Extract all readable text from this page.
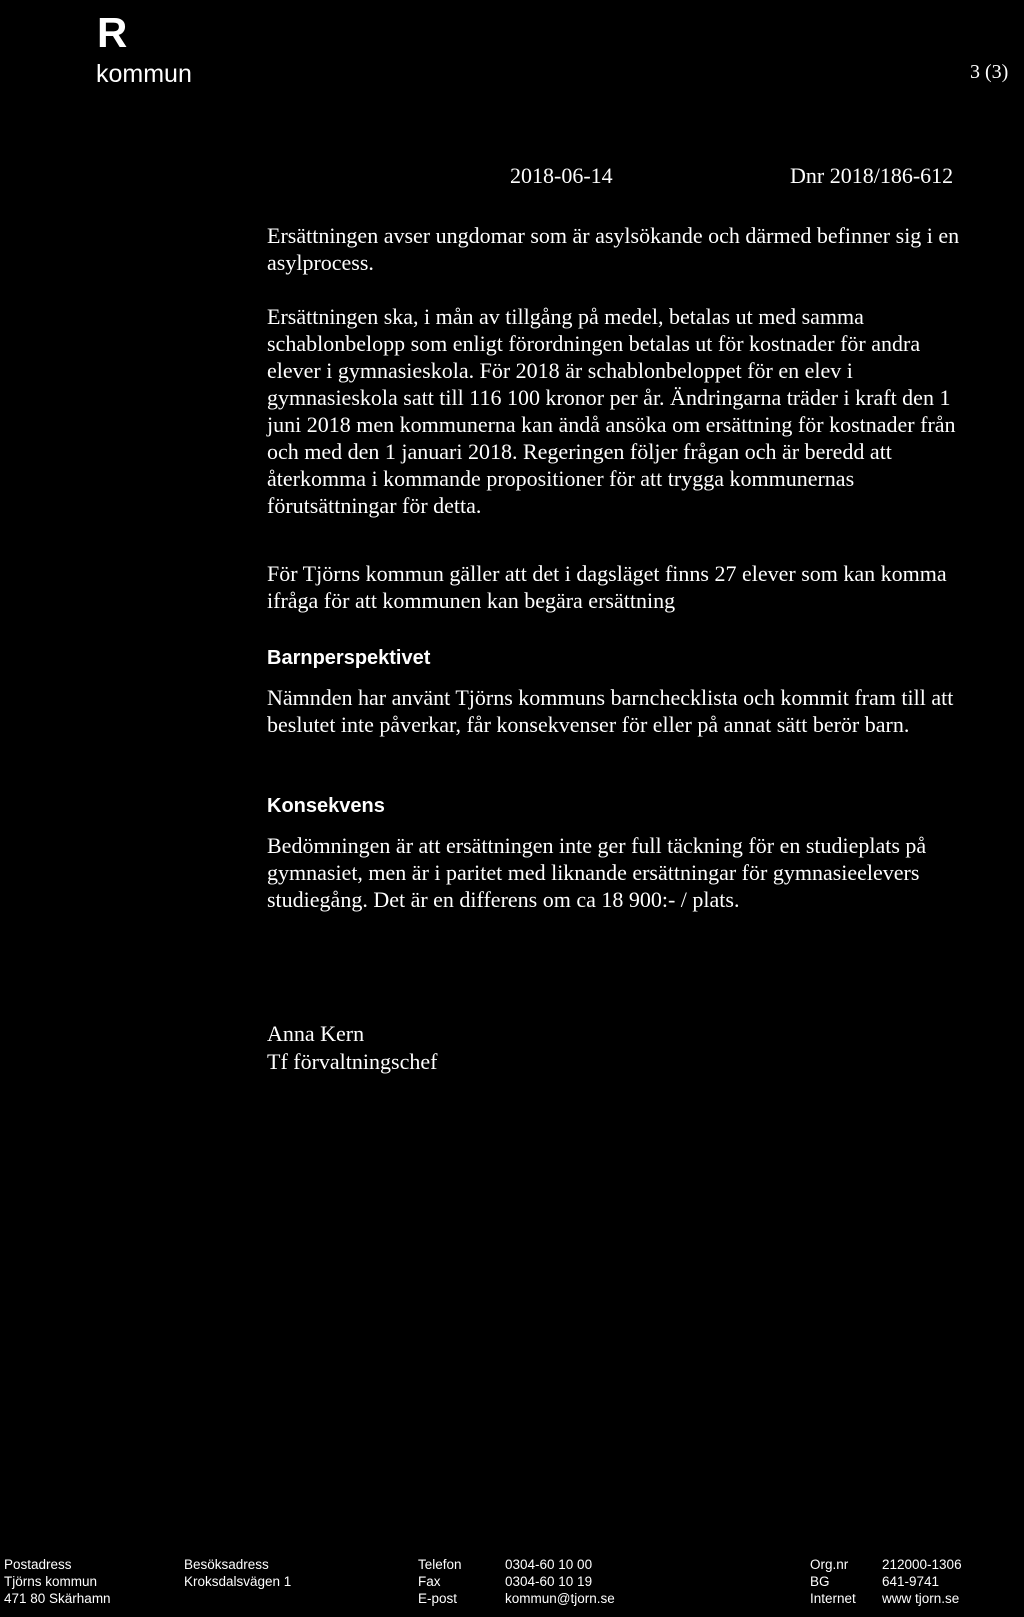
R
kommun	3 (3)
2018-06-14	Dnr 2018/186-612

Ersättningen avser ungdomar som är asylsökande och därmed befinner sig i en asylprocess.

Ersättningen ska, i mån av tillgång på medel, betalas ut med samma schablonbelopp som enligt förordningen betalas ut för kostnader för andra elever i gymnasieskola. För 2018 är schablonbeloppet för en elev i gymnasieskola satt till 116 100 kronor per år. Ändringarna träder i kraft den 1 juni 2018 men kommunerna kan ändå ansöka om ersättning för kostnader från och med den 1 januari 2018. Regeringen följer frågan och är beredd att återkomma i kommande propositioner för att trygga kommunernas förutsättningar för detta.

För Tjörns kommun gäller att det i dagsläget finns 27 elever som kan komma ifråga för att kommunen kan begära ersättning

Barnperspektivet

Nämnden har använt Tjörns kommuns barnchecklista och kommit fram till att beslutet inte påverkar, får konsekvenser för eller på annat sätt berör barn.

Konsekvens

Bedömningen är att ersättningen inte ger full täckning för en studieplats på gymnasiet, men är i paritet med liknande ersättningar för gymnasieelevers studiegång. Det är en differens om ca 18 900:- / plats.

Anna Kern
Tf förvaltningschef
Postadress
Tjörns kommun
471 80 Skärhamn
Besöksadress
Kroksdalsvägen 1
Telefon
Fax
E-post
0304-60 10 00
0304-60 10 19
kommun@tjorn.se
Org.nr
BG
Internet
212000-1306
641-9741
www tjorn.se
